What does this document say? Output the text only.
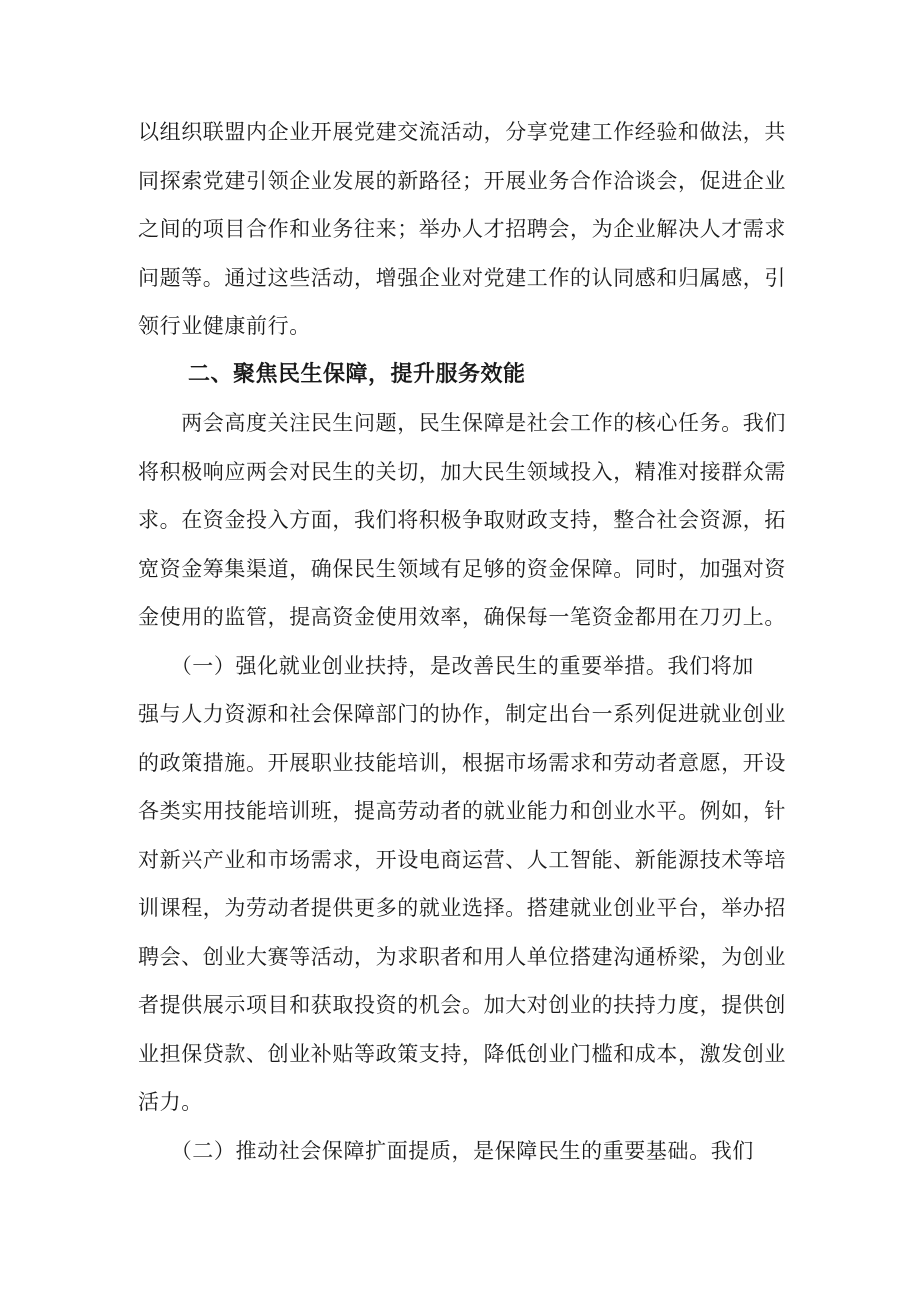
以组织联盟内企业开展党建交流活动，分享党建工作经验和做法，共
同探索党建引领企业发展的新路径；开展业务合作洽谈会，促进企业
之间的项目合作和业务往来；举办人才招聘会，为企业解决人才需求
问题等。通过这些活动，增强企业对党建工作的认同感和归属感，引
领行业健康前行。
二、聚焦民生保障，提升服务效能
　　两会高度关注民生问题，民生保障是社会工作的核心任务。我们
将积极响应两会对民生的关切，加大民生领域投入，精准对接群众需
求。在资金投入方面，我们将积极争取财政支持，整合社会资源，拓
宽资金筹集渠道，确保民生领域有足够的资金保障。同时，加强对资
金使用的监管，提高资金使用效率，确保每一笔资金都用在刀刃上。
　　（一）强化就业创业扶持，是改善民生的重要举措。我们将加
强与人力资源和社会保障部门的协作，制定出台一系列促进就业创业
的政策措施。开展职业技能培训，根据市场需求和劳动者意愿，开设
各类实用技能培训班，提高劳动者的就业能力和创业水平。例如，针
对新兴产业和市场需求，开设电商运营、人工智能、新能源技术等培
训课程，为劳动者提供更多的就业选择。搭建就业创业平台，举办招
聘会、创业大赛等活动，为求职者和用人单位搭建沟通桥梁，为创业
者提供展示项目和获取投资的机会。加大对创业的扶持力度，提供创
业担保贷款、创业补贴等政策支持，降低创业门槛和成本，激发创业
活力。
　　（二）推动社会保障扩面提质，是保障民生的重要基础。我们
